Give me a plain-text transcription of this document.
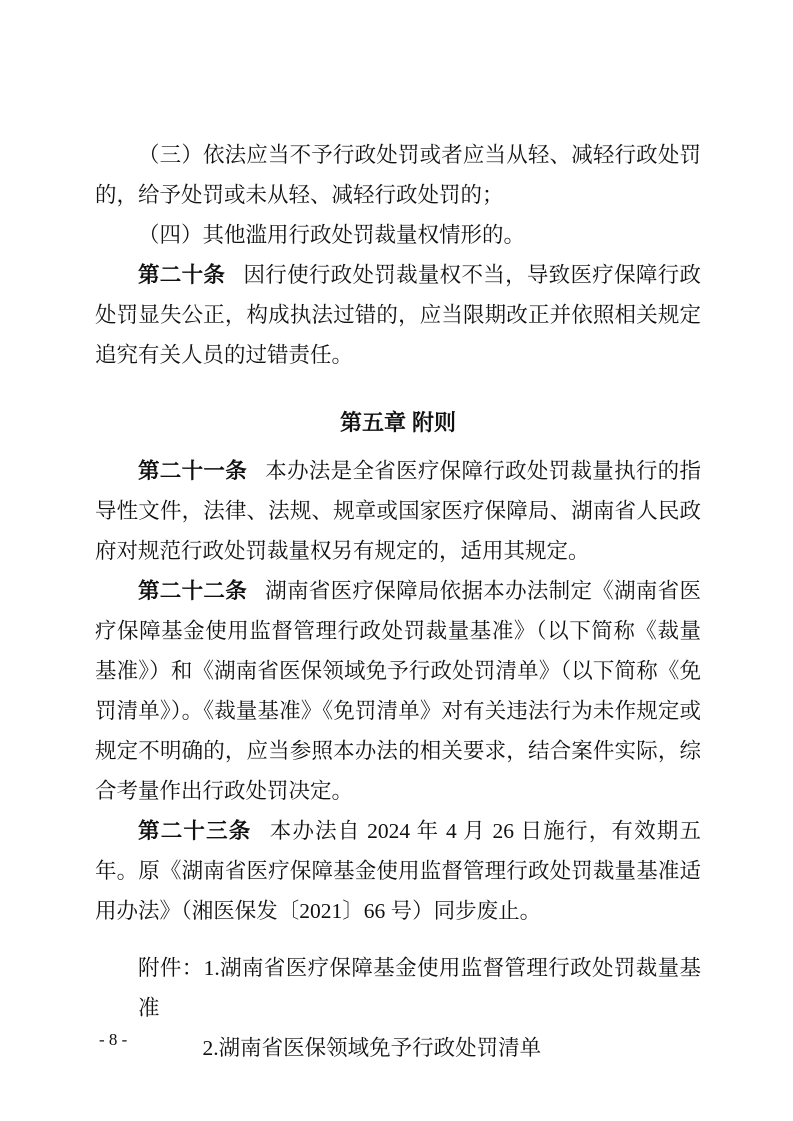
（三）依法应当不予行政处罚或者应当从轻、减轻行政处罚的，给予处罚或未从轻、减轻行政处罚的；

（四）其他滥用行政处罚裁量权情形的。

第二十条 因行使行政处罚裁量权不当，导致医疗保障行政处罚显失公正，构成执法过错的，应当限期改正并依照相关规定追究有关人员的过错责任。

第五章 附则

第二十一条 本办法是全省医疗保障行政处罚裁量执行的指导性文件，法律、法规、规章或国家医疗保障局、湖南省人民政府对规范行政处罚裁量权另有规定的，适用其规定。

第二十二条 湖南省医疗保障局依据本办法制定《湖南省医疗保障基金使用监督管理行政处罚裁量基准》（以下简称《裁量基准》）和《湖南省医保领域免予行政处罚清单》（以下简称《免罚清单》）。《裁量基准》《免罚清单》对有关违法行为未作规定或规定不明确的，应当参照本办法的相关要求，结合案件实际，综合考量作出行政处罚决定。

第二十三条 本办法自 2024 年 4 月 26 日施行，有效期五年。原《湖南省医疗保障基金使用监督管理行政处罚裁量基准适用办法》（湘医保发〔2021〕66 号）同步废止。

附件：1.湖南省医疗保障基金使用监督管理行政处罚裁量基准
2.湖南省医保领域免予行政处罚清单
- 8 -
